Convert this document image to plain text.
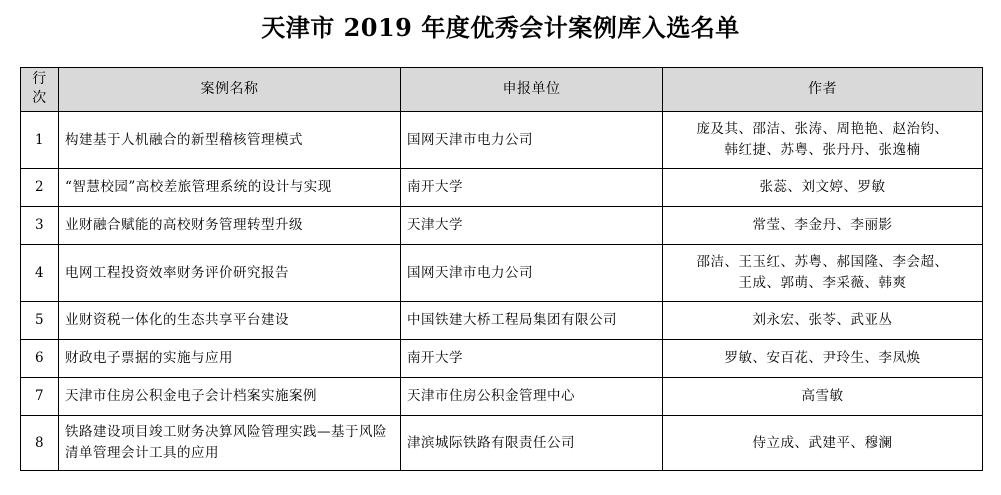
天津市 2019 年度优秀会计案例库入选名单
行次	案例名称	申报单位	作者
1	构建基于人机融合的新型稽核管理模式	国网天津市电力公司	庞及其、邵洁、张涛、周艳艳、赵治钧、
韩红捷、苏粤、张丹丹、张逸楠

2	“智慧校园”高校差旅管理系统的设计与实现	南开大学	张蕊、刘文婷、罗敏
3	业财融合赋能的高校财务管理转型升级	天津大学	常莹、李金丹、李丽影
4	电网工程投资效率财务评价研究报告	国网天津市电力公司	邵洁、王玉红、苏粤、郝国隆、李会超、
王成、郭萌、李采薇、韩爽

5	业财资税一体化的生态共享平台建设	中国铁建大桥工程局集团有限公司	刘永宏、张苓、武亚丛
6	财政电子票据的实施与应用	南开大学	罗敏、安百花、尹玲生、李凤焕
7	天津市住房公积金电子会计档案实施案例	天津市住房公积金管理中心	高雪敏
8	铁路建设项目竣工财务决算风险管理实践—基于风险清单管理会计工具的应用	津滨城际铁路有限责任公司	侍立成、武建平、穆澜
